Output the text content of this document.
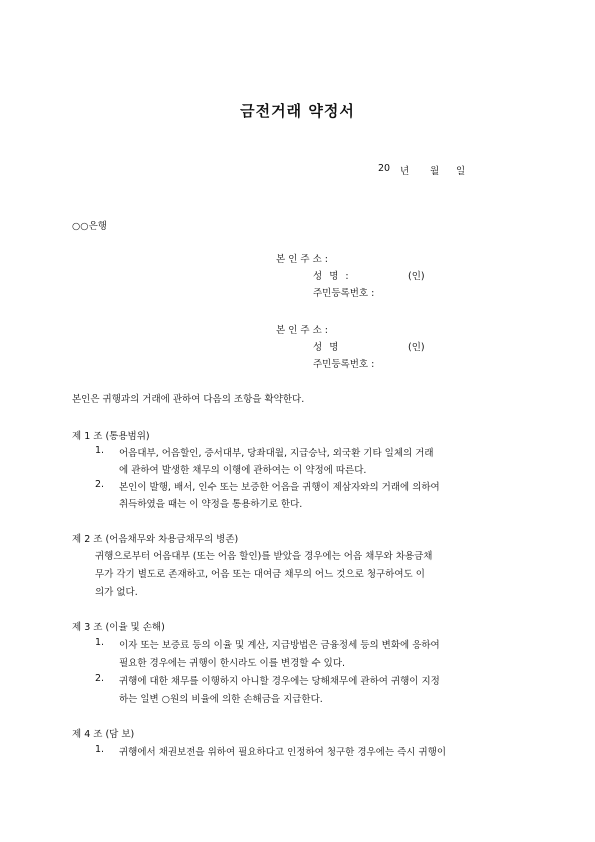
금전거래 약정서
20 년 월 일
○○은행
본 인 주 소 :
성 명 :	(인)
주민등록번호 :
본 인 주 소 :
성 명	(인)
주민등록번호 :
본인은 귀행과의 거래에 관하여 다음의 조항을 확약한다.
제 1 조 (통용범위)
1. 어음대부, 어음할인, 증서대부, 당좌대월, 지급승낙, 외국환 기타 일체의 거래
에 관하여 발생한 채무의 이행에 관하여는 이 약정에 따른다.
2. 본인이 발행, 배서, 인수 또는 보증한 어음을 귀행이 제삼자와의 거래에 의하여
취득하였을 때는 이 약정을 통용하기로 한다.
제 2 조 (어음채무와 차용금채무의 병존)
귀행으로부터 어음대부 (또는 어음 할인)를 받았을 경우에는 어음 채무와 차용금채
무가 각기 별도로 존재하고, 어음 또는 대여금 채무의 어느 것으로 청구하여도 이
의가 없다.
제 3 조 (이율 및 손해)
1. 이자 또는 보증료 등의 이율 및 계산, 지급방법은 금융정세 등의 변화에 응하여
필요한 경우에는 귀행이 한시라도 이를 변경할 수 있다.
2. 귀행에 대한 채무를 이행하지 아니할 경우에는 당해채무에 관하여 귀행이 지정
하는 일변 ○원의 비율에 의한 손해금을 지급한다.
제 4 조 (담 보)
1. 귀행에서 채권보전을 위하여 필요하다고 인정하여 청구한 경우에는 즉시 귀행이
